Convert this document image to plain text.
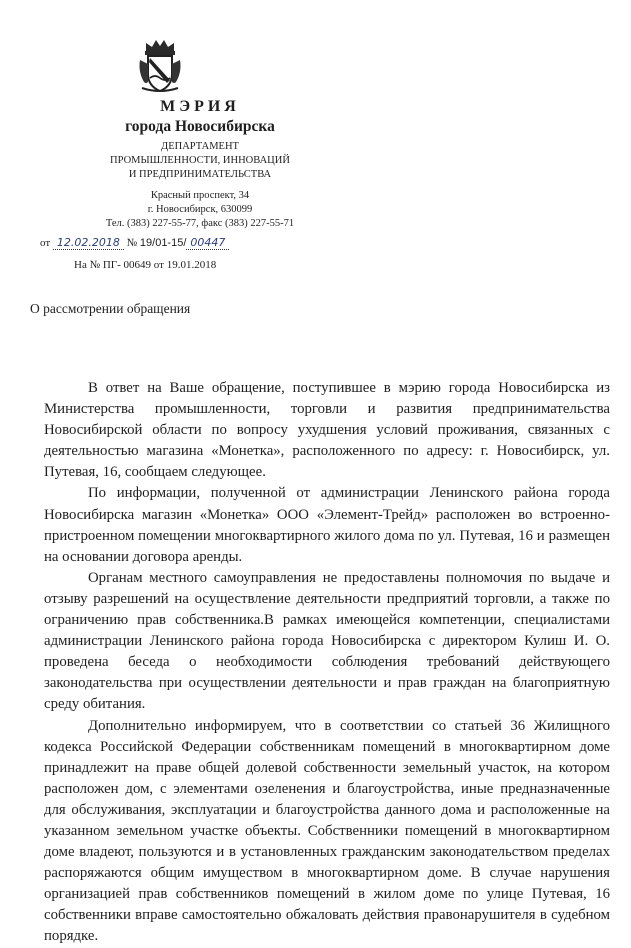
МЭРИЯ
города Новосибирска
ДЕПАРТАМЕНТ
ПРОМЫШЛЕННОСТИ, ИННОВАЦИЙ
И ПРЕДПРИНИМАТЕЛЬСТВА
Красный проспект, 34
г. Новосибирск, 630099
Тел. (383) 227-55-77, факс (383) 227-55-71
от 12.02.2018 № 19/01-15/ 00447
На № ПГ- 00649 от 19.01.2018
О рассмотрении обращения

В ответ на Ваше обращение, поступившее в мэрию города Новосибирска из Министерства промышленности, торговли и развития предпринимательства Новосибирской области по вопросу ухудшения условий проживания, связанных с деятельностью магазина «Монетка», расположенного по адресу: г. Новосибирск, ул. Путевая, 16, сообщаем следующее.

По информации, полученной от администрации Ленинского района города Новосибирска магазин «Монетка» ООО «Элемент-Трейд» расположен во встроенно-пристроенном помещении многоквартирного жилого дома по ул. Путевая, 16 и размещен на основании договора аренды.

Органам местного самоуправления не предоставлены полномочия по выдаче и отзыву разрешений на осуществление деятельности предприятий торговли, а также по ограничению прав собственника.В рамках имеющейся компетенции, специалистами администрации Ленинского района города Новосибирска с директором Кулиш И. О. проведена беседа о необходимости соблюдения требований действующего законодательства при осуществлении деятельности и прав граждан на благоприятную среду обитания.

Дополнительно информируем, что в соответствии со статьей 36 Жилищного кодекса Российской Федерации собственникам помещений в многоквартирном доме принадлежит на праве общей долевой собственности земельный участок, на котором расположен дом, с элементами озеленения и благоустройства, иные предназначенные для обслуживания, эксплуатации и благоустройства данного дома и расположенные на указанном земельном участке объекты. Собственники помещений в многоквартирном доме владеют, пользуются и в установленных гражданским законодательством пределах распоряжаются общим имуществом в многоквартирном доме. В случае нарушения организацией прав собственников помещений в жилом доме по улице Путевая, 16 собственники вправе самостоятельно обжаловать действия правонарушителя в судебном порядке.
